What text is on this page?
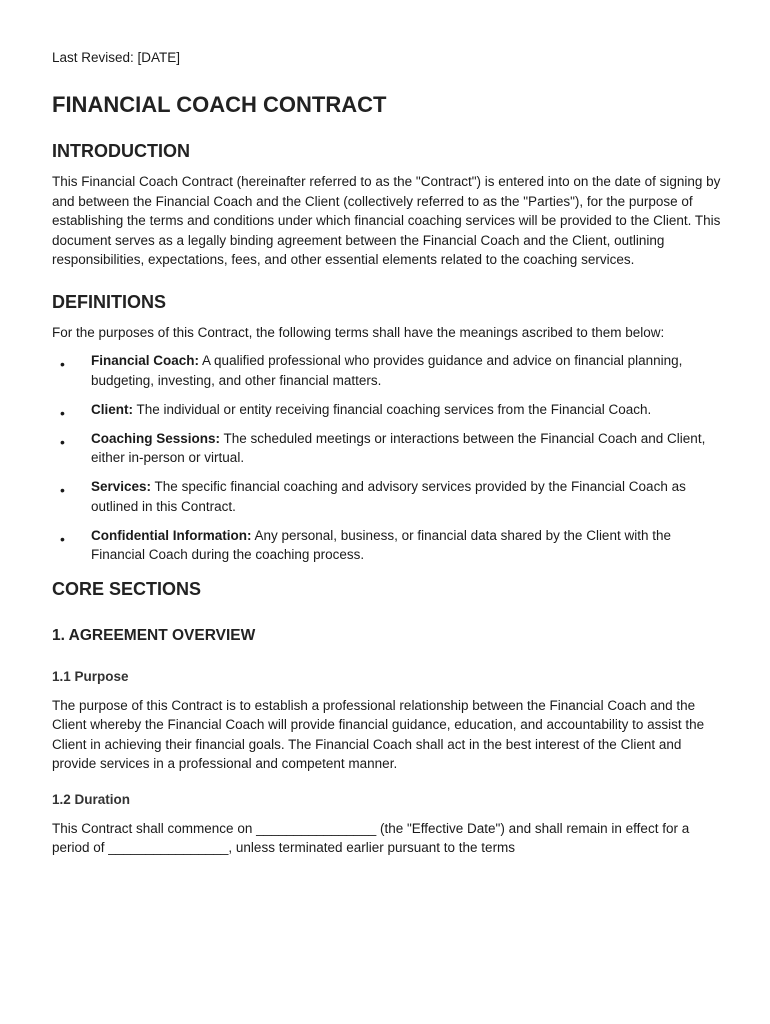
Last Revised: [DATE]

FINANCIAL COACH CONTRACT
INTRODUCTION

This Financial Coach Contract (hereinafter referred to as the "Contract") is entered into on the date of signing by and between the Financial Coach and the Client (collectively referred to as the "Parties"), for the purpose of establishing the terms and conditions under which financial coaching services will be provided to the Client. This document serves as a legally binding agreement between the Financial Coach and the Client, outlining responsibilities, expectations, fees, and other essential elements related to the coaching services.

DEFINITIONS

For the purposes of this Contract, the following terms shall have the meanings ascribed to them below:

• Financial Coach: A qualified professional who provides guidance and advice on financial planning, budgeting, investing, and other financial matters.
• Client: The individual or entity receiving financial coaching services from the Financial Coach.
• Coaching Sessions: The scheduled meetings or interactions between the Financial Coach and Client, either in-person or virtual.
• Services: The specific financial coaching and advisory services provided by the Financial Coach as outlined in this Contract.
• Confidential Information: Any personal, business, or financial data shared by the Client with the Financial Coach during the coaching process.
CORE SECTIONS
1. AGREEMENT OVERVIEW
1.1 Purpose

The purpose of this Contract is to establish a professional relationship between the Financial Coach and the Client whereby the Financial Coach will provide financial guidance, education, and accountability to assist the Client in achieving their financial goals. The Financial Coach shall act in the best interest of the Client and provide services in a professional and competent manner.

1.2 Duration

This Contract shall commence on ________________ (the "Effective Date") and shall remain in effect for a period of ________________, unless terminated earlier pursuant to the terms
